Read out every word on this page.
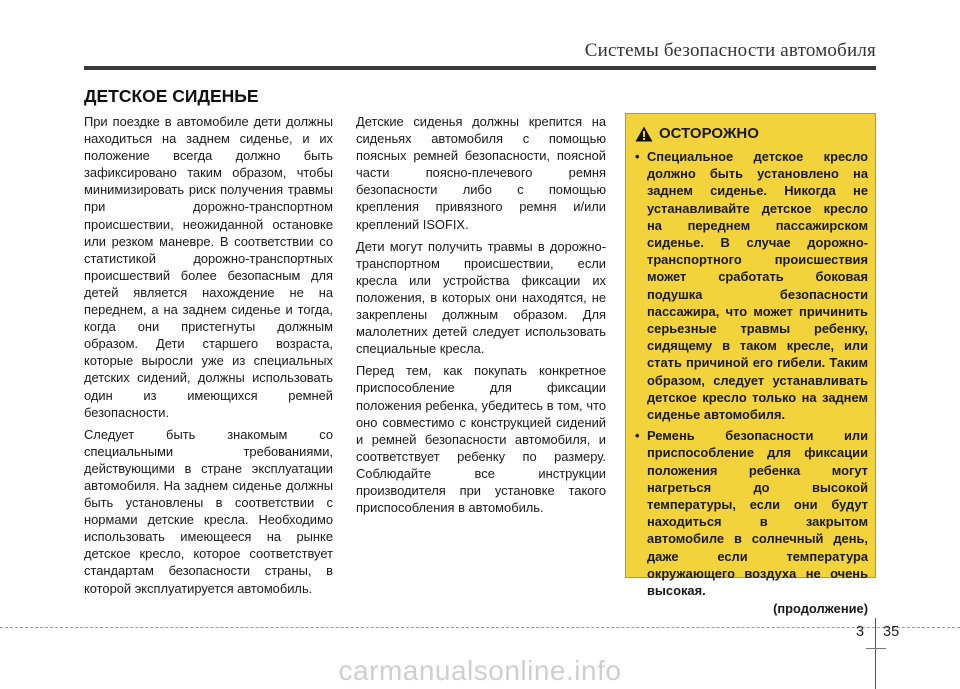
Системы безопасности автомобиля
ДЕТСКОЕ СИДЕНЬЕ

При поездке в автомобиле дети должны находиться на заднем сиденье, и их положение всегда должно быть зафиксировано таким образом, чтобы минимизировать риск получения травмы при дорожно-транспортном происшествии, неожиданной остановке или резком маневре. В соответствии со статистикой дорожно-транспортных происшествий более безопасным для детей является нахождение не на переднем, а на заднем сиденье и тогда, когда они пристегнуты должным образом. Дети старшего возраста, которые выросли уже из специальных детских сидений, должны использовать один из имеющихся ремней безопасности.

Следует быть знакомым со специальными требованиями, действующими в стране эксплуатации автомобиля. На заднем сиденье должны быть установлены в соответствии с нормами детские кресла. Необходимо использовать имеющееся на рынке детское кресло, которое соответствует стандартам безопасности страны, в которой эксплуатируется автомобиль.

Детские сиденья должны крепится на сиденьях автомобиля с помощью поясных ремней безопасности, поясной части поясно-плечевого ремня безопасности либо с помощью крепления привязного ремня и/или креплений ISOFIX.

Дети могут получить травмы в дорожно-транспортном происшествии, если кресла или устройства фиксации их положения, в которых они находятся, не закреплены должным образом. Для малолетних детей следует использовать специальные кресла.

Перед тем, как покупать конкретное приспособление для фиксации положения ребенка, убедитесь в том, что оно совместимо с конструкцией сидений и ремней безопасности автомобиля, и соответствует ребенку по размеру. Соблюдайте все инструкции производителя при установке такого приспособления в автомобиль.

ОСТОРОЖНО
• Специальное детское кресло должно быть установлено на заднем сиденье. Никогда не устанавливайте детское кресло на переднем пассажирском сиденье. В случае дорожно-транспортного происшествия может сработать боковая подушка безопасности пассажира, что может причинить серьезные травмы ребенку, сидящему в таком кресле, или стать причиной его гибели. Таким образом, следует устанавливать детское кресло только на заднем сиденье автомобиля.
• Ремень безопасности или приспособление для фиксации положения ребенка могут нагреться до высокой температуры, если они будут находиться в закрытом автомобиле в солнечный день, даже если температура окружающего воздуха не очень высокая.
(продолжение)
3 35
carmanualsonline.info
